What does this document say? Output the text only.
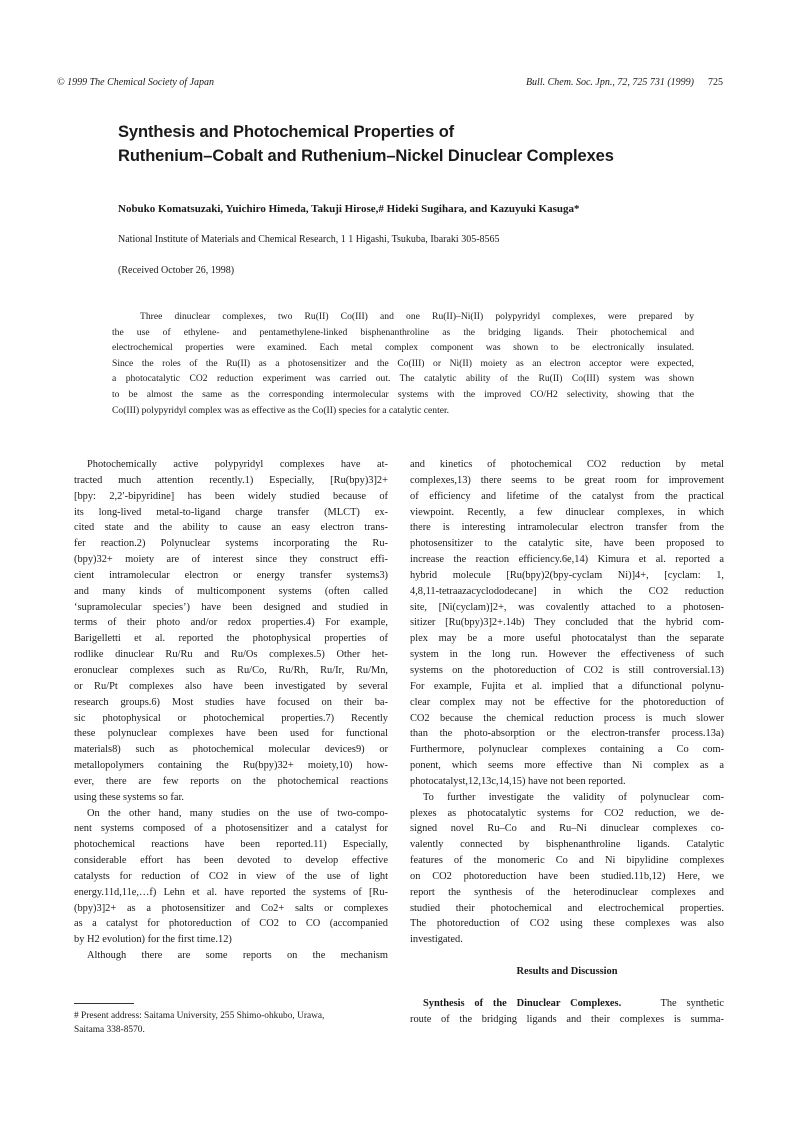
© 1999 The Chemical Society of Japan	Bull. Chem. Soc. Jpn., 72, 725 731 (1999) 725
Synthesis and Photochemical Properties of
Ruthenium–Cobalt and Ruthenium–Nickel Dinuclear Complexes
Nobuko Komatsuzaki, Yuichiro Himeda, Takuji Hirose,# Hideki Sugihara, and Kazuyuki Kasuga*
National Institute of Materials and Chemical Research, 1 1 Higashi, Tsukuba, Ibaraki 305-8565
(Received October 26, 1998)
Three dinuclear complexes, two Ru(II) Co(III) and one Ru(II)–Ni(II) polypyridyl complexes, were prepared by
the use of ethylene- and pentamethylene-linked bisphenanthroline as the bridging ligands. Their photochemical and
electrochemical properties were examined. Each metal complex component was shown to be electronically insulated.
Since the roles of the Ru(II) as a photosensitizer and the Co(III) or Ni(II) moiety as an electron acceptor were expected,
a photocatalytic CO2 reduction experiment was carried out. The catalytic ability of the Ru(II) Co(III) system was shown
to be almost the same as the corresponding intermolecular systems with the improved CO/H2 selectivity, showing that the
Co(III) polypyridyl complex was as effective as the Co(II) species for a catalytic center.
Photochemically active polypyridyl complexes have at-
tracted much attention recently.1) Especially, [Ru(bpy)3]2+
[bpy: 2,2′-bipyridine] has been widely studied because of
its long-lived metal-to-ligand charge transfer (MLCT) ex-
cited state and the ability to cause an easy electron trans-
fer reaction.2) Polynuclear systems incorporating the Ru-
(bpy)32+ moiety are of interest since they construct effi-
cient intramolecular electron or energy transfer systems3)
and many kinds of multicomponent systems (often called
‘supramolecular species’) have been designed and studied in
terms of their photo and/or redox properties.4) For example,
Barigelletti et al. reported the photophysical properties of
rodlike dinuclear Ru/Ru and Ru/Os complexes.5) Other het-
eronuclear complexes such as Ru/Co, Ru/Rh, Ru/Ir, Ru/Mn,
or Ru/Pt complexes also have been investigated by several
research groups.6) Most studies have focused on their ba-
sic photophysical or photochemical properties.7) Recently
these polynuclear complexes have been used for functional
materials8) such as photochemical molecular devices9) or
metallopolymers containing the Ru(bpy)32+ moiety,10) how-
ever, there are few reports on the photochemical reactions
using these systems so far.
On the other hand, many studies on the use of two-compo-
nent systems composed of a photosensitizer and a catalyst for
photochemical reactions have been reported.11) Especially,
considerable effort has been devoted to develop effective
catalysts for reduction of CO2 in view of the use of light
energy.11d,11e,…f) Lehn et al. have reported the systems of [Ru-
(bpy)3]2+ as a photosensitizer and Co2+ salts or complexes
as a catalyst for photoreduction of CO2 to CO (accompanied
by H2 evolution) for the first time.12)
Although there are some reports on the mechanism
# Present address: Saitama University, 255 Shimo-ohkubo, Urawa,
Saitama 338-8570.
and kinetics of photochemical CO2 reduction by metal
complexes,13) there seems to be great room for improvement
of efficiency and lifetime of the catalyst from the practical
viewpoint. Recently, a few dinuclear complexes, in which
there is interesting intramolecular electron transfer from the
photosensitizer to the catalytic site, have been proposed to
increase the reaction efficiency.6e,14) Kimura et al. reported a
hybrid molecule [Ru(bpy)2(bpy-cyclam Ni)]4+, [cyclam: 1,
4,8,11-tetraazacyclododecane] in which the CO2 reduction
site, [Ni(cyclam)]2+, was covalently attached to a photosen-
sitizer [Ru(bpy)3]2+.14b) They concluded that the hybrid com-
plex may be a more useful photocatalyst than the separate
system in the long run. However the effectiveness of such
systems on the photoreduction of CO2 is still controversial.13)
For example, Fujita et al. implied that a difunctional polynu-
clear complex may not be effective for the photoreduction of
CO2 because the chemical reduction process is much slower
than the photo-absorption or the electron-transfer process.13a)
Furthermore, polynuclear complexes containing a Co com-
ponent, which seems more effective than Ni complex as a
photocatalyst,12,13c,14,15) have not been reported.
To further investigate the validity of polynuclear com-
plexes as photocatalytic systems for CO2 reduction, we de-
signed novel Ru–Co and Ru–Ni dinuclear complexes co-
valently connected by bisphenanthroline ligands. Catalytic
features of the monomeric Co and Ni bipylidine complexes
on CO2 photoreduction have been studied.11b,12) Here, we
report the synthesis of the heterodinuclear complexes and
studied their photochemical and electrochemical properties.
The photoreduction of CO2 using these complexes was also
investigated.
Results and Discussion
Synthesis of the Dinuclear Complexes.	The synthetic
route of the bridging ligands and their complexes is summa-
